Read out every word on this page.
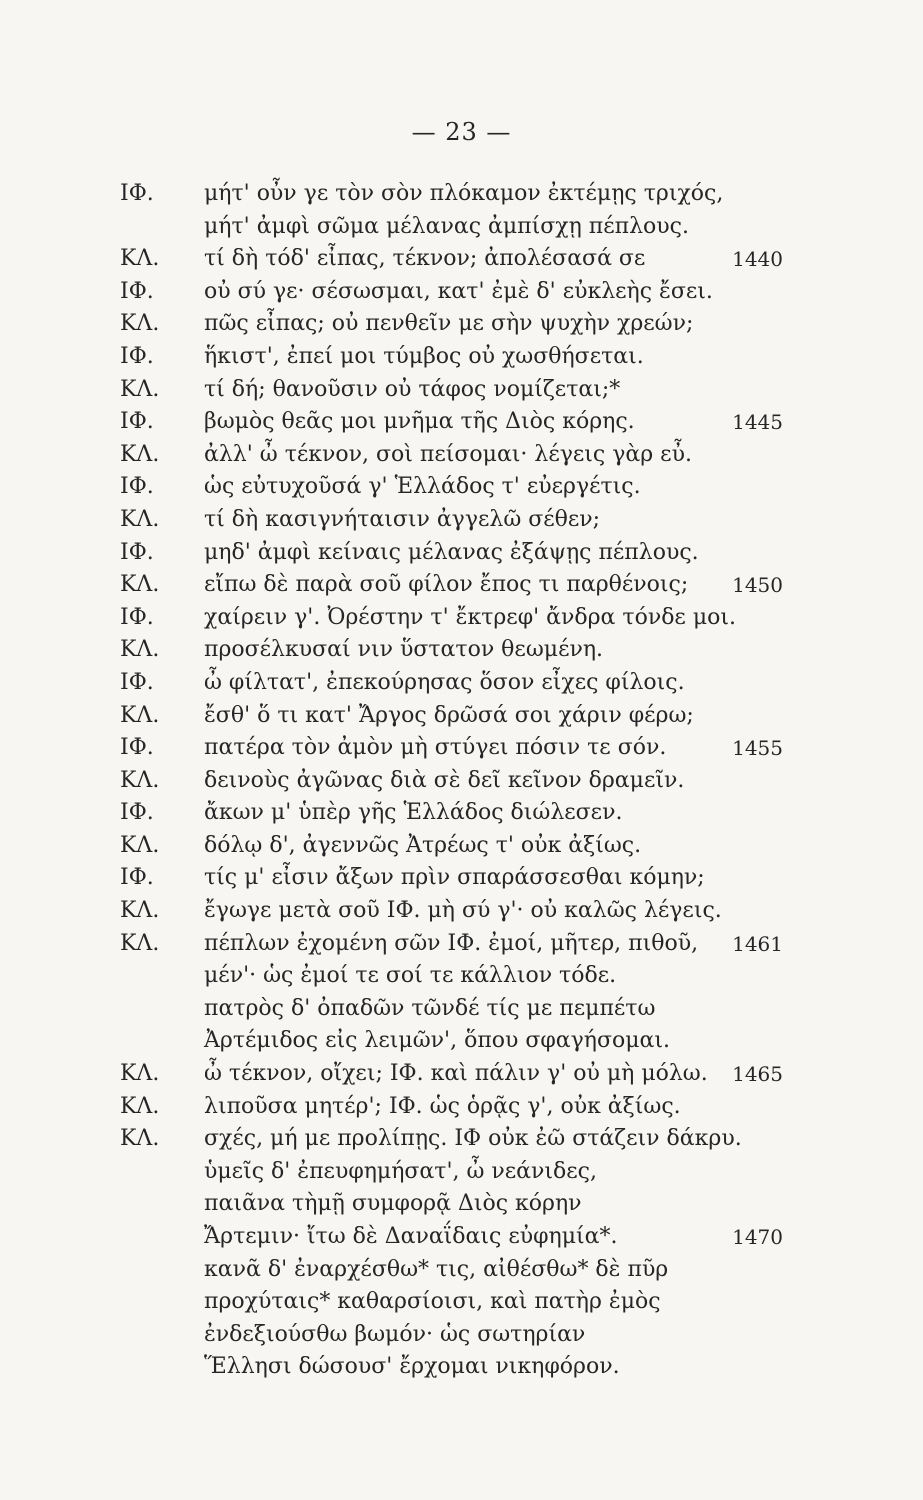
— 23 —
ΙΦ.	μήτ' οὖν γε τὸν σὸν πλόκαμον ἐκτέμῃς τριχός,
μήτ' ἀμφὶ σῶμα μέλανας ἀμπίσχῃ πέπλους.
ΚΛ.	τί δὴ τόδ' εἶπας, τέκνον; ἀπολέσασά σε	1440
ΙΦ.	οὐ σύ γε· σέσωσμαι, κατ' ἐμὲ δ' εὐκλεὴς ἔσει.
ΚΛ.	πῶς εἶπας; οὐ πενθεῖν με σὴν ψυχὴν χρεών;
ΙΦ.	ἥκιστ', ἐπεί μοι τύμβος οὐ χωσθήσεται.
ΚΛ.	τί δή; θανοῦσιν οὐ τάφος νομίζεται;*
ΙΦ.	βωμὸς θεᾶς μοι μνῆμα τῆς Διὸς κόρης.	1445
ΚΛ.	ἀλλ' ὦ τέκνον, σοὶ πείσομαι· λέγεις γὰρ εὖ.
ΙΦ.	ὡς εὐτυχοῦσά γ' Ἑλλάδος τ' εὐεργέτις.
ΚΛ.	τί δὴ κασιγνήταισιν ἀγγελῶ σέθεν;
ΙΦ.	μηδ' ἀμφὶ κείναις μέλανας ἐξάψῃς πέπλους.
ΚΛ.	εἴπω δὲ παρὰ σοῦ φίλον ἔπος τι παρθένοις; 1450
ΙΦ.	χαίρειν γ'. Ὀρέστην τ' ἔκτρεφ' ἄνδρα τόνδε μοι.
ΚΛ.	προσέλκυσαί νιν ὕστατον θεωμένη.
ΙΦ.	ὦ φίλτατ', ἐπεκούρησας ὅσον εἶχες φίλοις.
ΚΛ.	ἔσθ' ὅ τι κατ' Ἄργος δρῶσά σοι χάριν φέρω;
ΙΦ.	πατέρα τὸν ἀμὸν μὴ στύγει πόσιν τε σόν.	1455
ΚΛ.	δεινοὺς ἀγῶνας διὰ σὲ δεῖ κεῖνον δραμεῖν.
ΙΦ.	ἄκων μ' ὑπὲρ γῆς Ἑλλάδος διώλεσεν.
ΚΛ.	δόλῳ δ', ἀγεννῶς Ἀτρέως τ' οὐκ ἀξίως.
ΙΦ.	τίς μ' εἶσιν ἄξων πρὶν σπαράσσεσθαι κόμην;
ΚΛ.	ἔγωγε μετὰ σοῦ ΙΦ. μὴ σύ γ'· οὐ καλῶς λέγεις.
ΚΛ.	πέπλων ἐχομένη σῶν ΙΦ. ἐμοί, μῆτερ, πιθοῦ, 1461
μέν'· ὡς ἐμοί τε σοί τε κάλλιον τόδε.
πατρὸς δ' ὀπαδῶν τῶνδέ τίς με πεμπέτω
Ἀρτέμιδος εἰς λειμῶν', ὅπου σφαγήσομαι.
ΚΛ.	ὦ τέκνον, οἴχει; ΙΦ. καὶ πάλιν γ' οὐ μὴ μόλω. 1465
ΚΛ.	λιποῦσα μητέρ'; ΙΦ. ὡς ὁρᾷς γ', οὐκ ἀξίως.
ΚΛ.	σχές, μή με προλίπῃς. ΙΦ οὐκ ἐῶ στάζειν δάκρυ.
ὑμεῖς δ' ἐπευφημήσατ', ὦ νεάνιδες,
παιᾶνα τὴμῇ συμφορᾷ Διὸς κόρην
Ἄρτεμιν· ἴτω δὲ Δαναΐδαις εὐφημία*.	1470
κανᾶ δ' ἐναρχέσθω* τις, αἰθέσθω* δὲ πῦρ
προχύταις* καθαρσίοισι, καὶ πατὴρ ἐμὸς
ἐνδεξιούσθω βωμόν· ὡς σωτηρίαν
Ἕλλησι δώσουσ' ἔρχομαι νικηφόρον.
